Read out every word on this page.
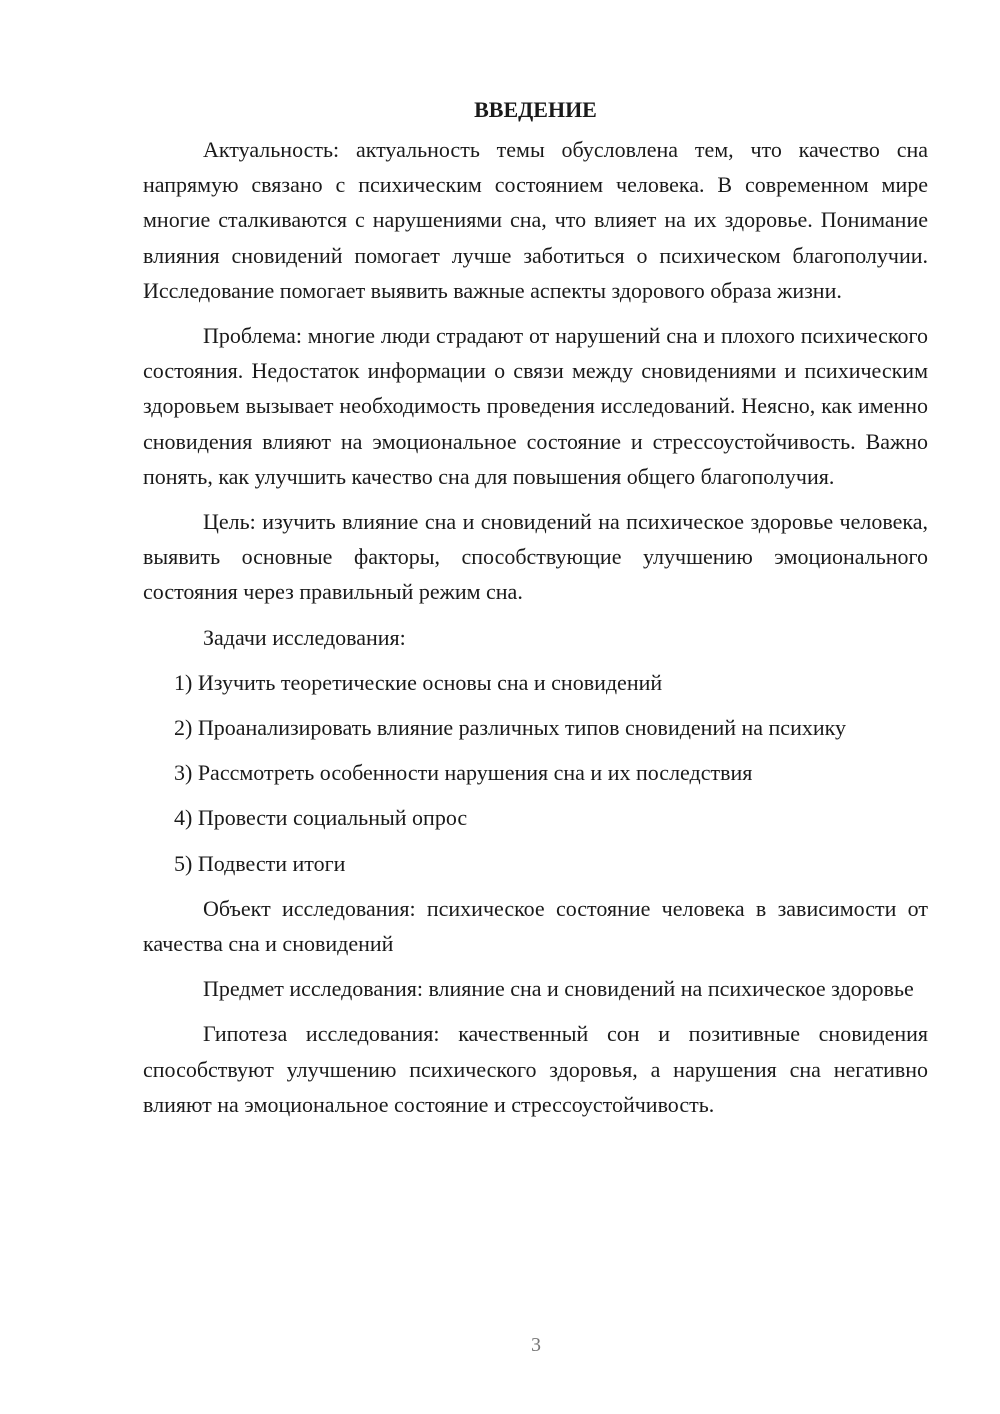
ВВЕДЕНИЕ

Актуальность: актуальность темы обусловлена тем, что качество сна напрямую связано с психическим состоянием человека. В современном мире многие сталкиваются с нарушениями сна, что влияет на их здоровье. Понимание влияния сновидений помогает лучше заботиться о психическом благополучии. Исследование помогает выявить важные аспекты здорового образа жизни.

Проблема: многие люди страдают от нарушений сна и плохого психического состояния. Недостаток информации о связи между сновидениями и психическим здоровьем вызывает необходимость проведения исследований. Неясно, как именно сновидения влияют на эмоциональное состояние и стрессоустойчивость. Важно понять, как улучшить качество сна для повышения общего благополучия.

Цель: изучить влияние сна и сновидений на психическое здоровье человека, выявить основные факторы, способствующие улучшению эмоционального состояния через правильный режим сна.

Задачи исследования:

1) Изучить теоретические основы сна и сновидений

2) Проанализировать влияние различных типов сновидений на психику

3) Рассмотреть особенности нарушения сна и их последствия

4) Провести социальный опрос

5) Подвести итоги

Объект исследования: психическое состояние человека в зависимости от качества сна и сновидений

Предмет исследования: влияние сна и сновидений на психическое здоровье

Гипотеза исследования: качественный сон и позитивные сновидения способствуют улучшению психического здоровья, а нарушения сна негативно влияют на эмоциональное состояние и стрессоустойчивость.

3
